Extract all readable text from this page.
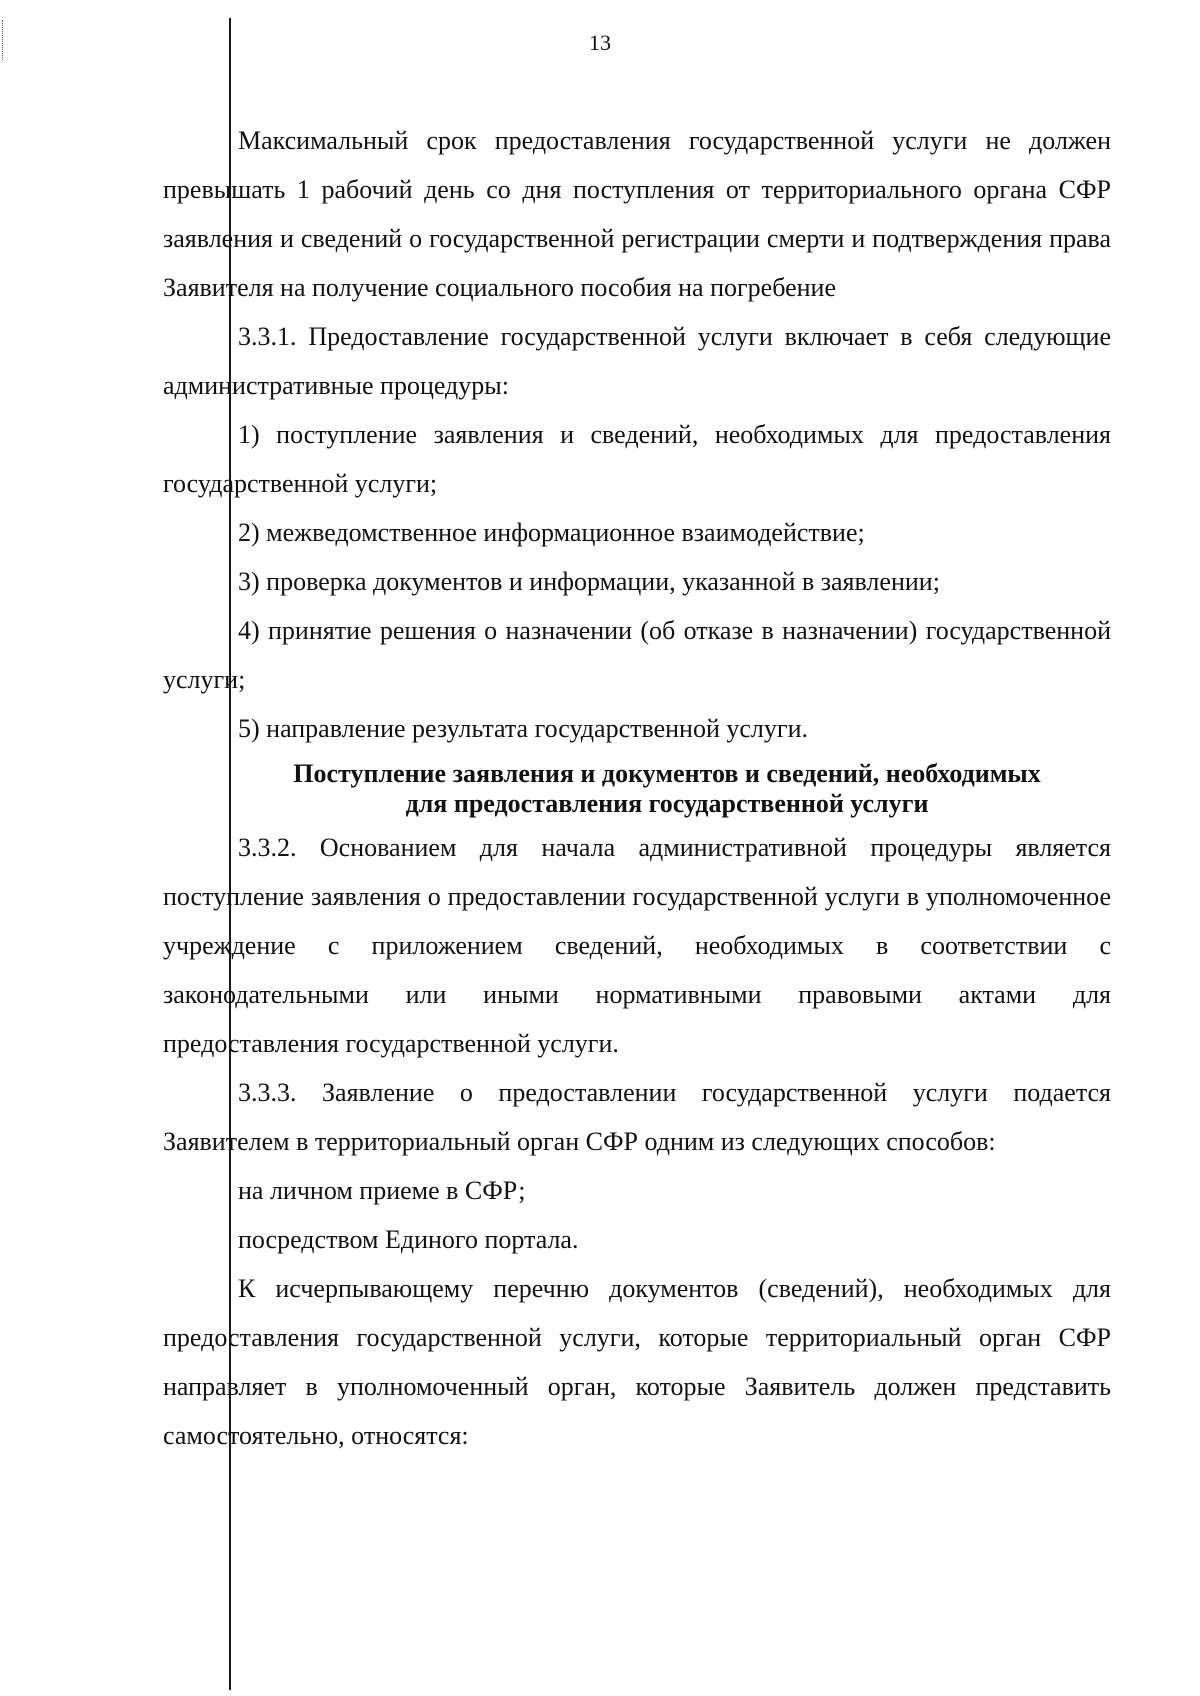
13

Максимальный срок предоставления государственной услуги не должен превышать 1 рабочий день со дня поступления от территориального органа СФР заявления и сведений о государственной регистрации смерти и подтверждения права Заявителя на получение социального пособия на погребение

3.3.1. Предоставление государственной услуги включает в себя следующие административные процедуры:

1) поступление заявления и сведений, необходимых для предоставления государственной услуги;

2) межведомственное информационное взаимодействие;

3) проверка документов и информации, указанной в заявлении;

4) принятие решения о назначении (об отказе в назначении) государственной услуги;

5) направление результата государственной услуги.

Поступление заявления и документов и сведений, необходимых
для предоставления государственной услуги

3.3.2. Основанием для начала административной процедуры является поступление заявления о предоставлении государственной услуги в уполномоченное учреждение с приложением сведений, необходимых в соответствии с законодательными или иными нормативными правовыми актами для предоставления государственной услуги.

3.3.3. Заявление о предоставлении государственной услуги подается Заявителем в территориальный орган СФР одним из следующих способов:

на личном приеме в СФР;

посредством Единого портала.

К исчерпывающему перечню документов (сведений), необходимых для предоставления государственной услуги, которые территориальный орган СФР направляет в уполномоченный орган, которые Заявитель должен представить самостоятельно, относятся:
